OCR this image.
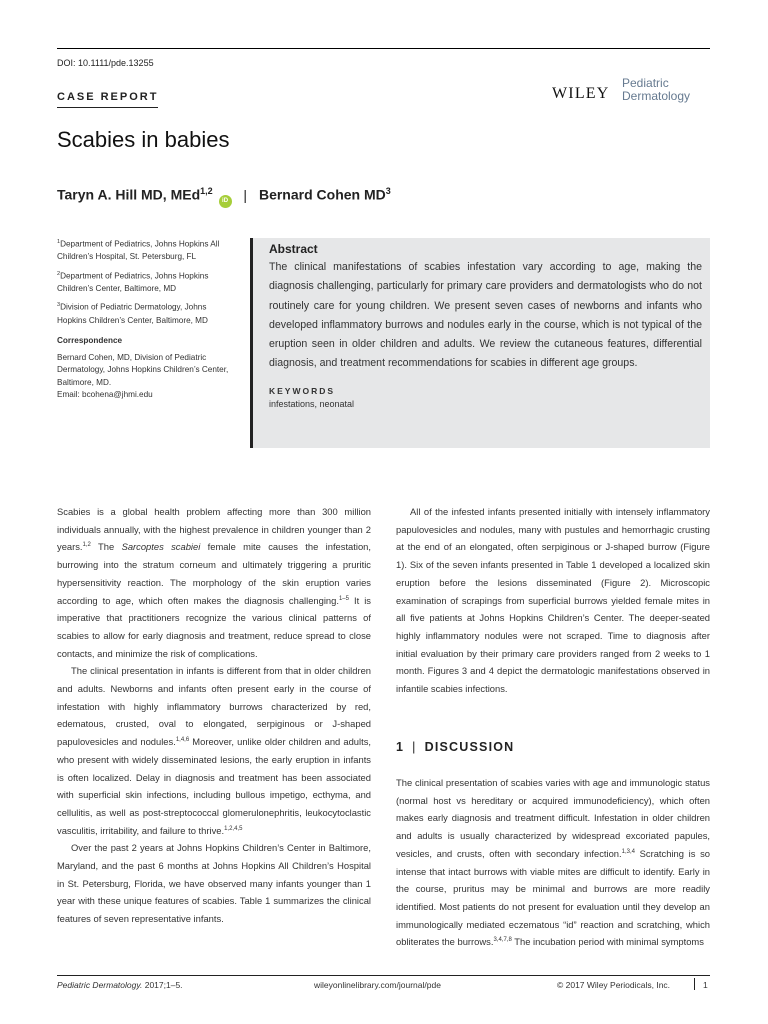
DOI: 10.1111/pde.13255
CASE REPORT	WILEY
Pediatric
Dermatology
Scabies in babies
Taryn A. Hill MD, MEd$^{1,2}$ iD | Bernard Cohen $MD^3$

$^1$Department of Pediatrics, Johns Hopkins All Children’s Hospital, St. Petersburg, FL

$^2$Department of Pediatrics, Johns Hopkins Children’s Center, Baltimore, MD

$^3$Division of Pediatric Dermatology, Johns Hopkins Children’s Center, Baltimore, MD

Correspondence

Bernard Cohen, MD, Division of Pediatric Dermatology, Johns Hopkins Children’s Center, Baltimore, MD.
Email: bcohena@jhmi.edu

Abstract
The clinical manifestations of scabies infestation vary according to age, making the diagnosis challenging, particularly for primary care providers and dermatologists who do not routinely care for young children. We present seven cases of newborns and infants who developed inflammatory burrows and nodules early in the course, which is not typical of the eruption seen in older children and adults. We review the cutaneous features, differential diagnosis, and treatment recommendations for scabies in different age groups.
KEYWORDS
infestations, neonatal

Scabies is a global health problem affecting more than 300 million individuals annually, with the highest prevalence in children younger than 2 years.$^{1,2}$ The Sarcoptes scabiei female mite causes the infestation, burrowing into the stratum corneum and ultimately triggering a pruritic hypersensitivity reaction. The morphology of the skin eruption varies according to age, which often makes the diagnosis challenging.$^{1-5}$ It is imperative that practitioners recognize the various clinical patterns of scabies to allow for early diagnosis and treatment, reduce spread to close contacts, and minimize the risk of complications.

The clinical presentation in infants is different from that in older children and adults. Newborns and infants often present early in the course of infestation with highly inflammatory burrows characterized by red, edematous, crusted, oval to elongated, serpiginous or J-shaped papulovesicles and nodules.$^{1,4,6}$ Moreover, unlike older children and adults, who present with widely disseminated lesions, the early eruption in infants is often localized. Delay in diagnosis and treatment has been associated with superficial skin infections, including bullous impetigo, ecthyma, and cellulitis, as well as post-streptococcal glomerulonephritis, leukocytoclastic vasculitis, irritability, and failure to thrive.$^{1,2,4,5}$

Over the past 2 years at Johns Hopkins Children’s Center in Baltimore, Maryland, and the past 6 months at Johns Hopkins All Children’s Hospital in St. Petersburg, Florida, we have observed many infants younger than 1 year with these unique features of scabies. Table 1 summarizes the clinical features of seven representative infants.

All of the infested infants presented initially with intensely inflammatory papulovesicles and nodules, many with pustules and hemorrhagic crusting at the end of an elongated, often serpiginous or J-shaped burrow (Figure 1). Six of the seven infants presented in Table 1 developed a localized skin eruption before the lesions disseminated (Figure 2). Microscopic examination of scrapings from superficial burrows yielded female mites in all five patients at Johns Hopkins Children’s Center. The deeper-seated highly inflammatory nodules were not scraped. Time to diagnosis after initial evaluation by their primary care providers ranged from 2 weeks to 1 month. Figures 3 and 4 depict the dermatologic manifestations observed in infantile scabies infections.

1 | DISCUSSION

The clinical presentation of scabies varies with age and immunologic status (normal host vs hereditary or acquired immunodeficiency), which often makes early diagnosis and treatment difficult. Infestation in older children and adults is usually characterized by widespread excoriated papules, vesicles, and crusts, often with secondary infection.$^{1,3,4}$ Scratching is so intense that intact burrows with viable mites are difficult to identify. Early in the course, pruritus may be minimal and burrows are more readily identified. Most patients do not present for evaluation until they develop an immunologically mediated eczematous “id” reaction and scratching, which obliterates the burrows.$^{3,4,7,8}$ The incubation period with minimal symptoms

Pediatric Dermatology. 2017;1–5.	wileyonlinelibrary.com/journal/pde	© 2017 Wiley Periodicals, Inc.	1
